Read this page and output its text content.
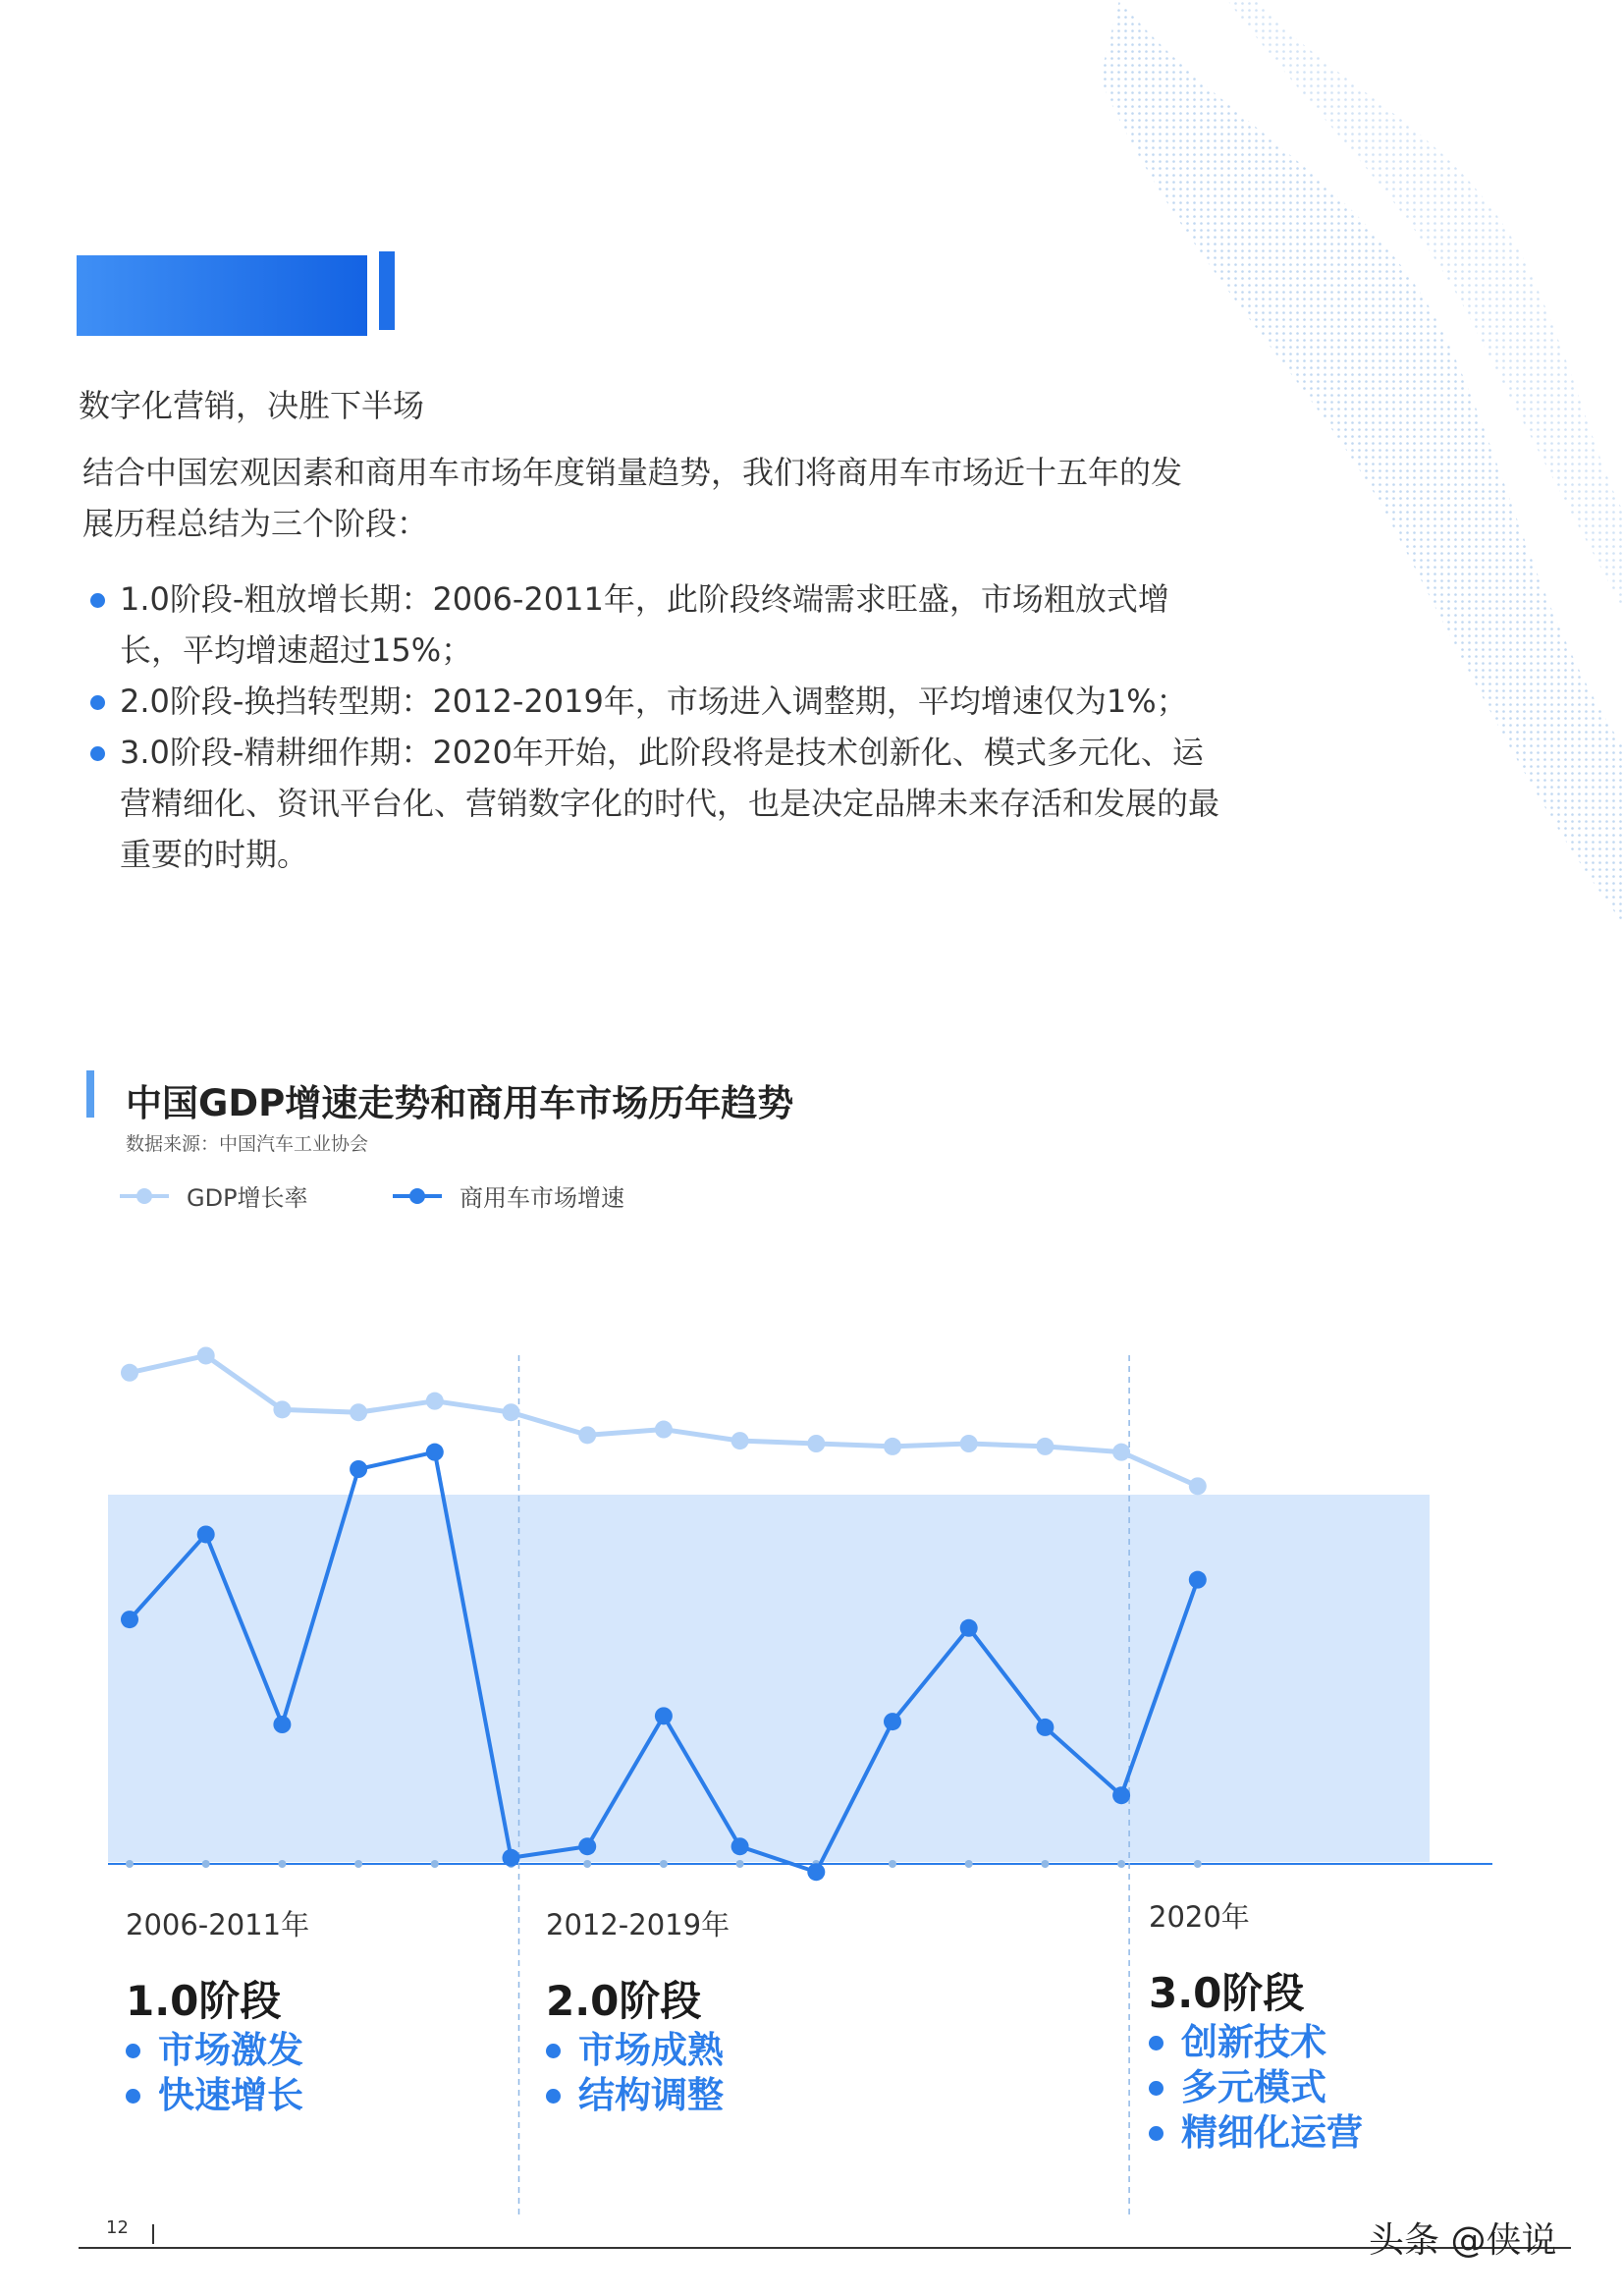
数字化营销，决胜下半场
结合中国宏观因素和商用车市场年度销量趋势，我们将商用车市场近十五年的发展历程总结为三个阶段：
1.0阶段-粗放增长期：2006-2011年，此阶段终端需求旺盛，市场粗放式增长，平均增速超过15%；
2.0阶段-换挡转型期：2012-2019年，市场进入调整期，平均增速仅为1%；
3.0阶段-精耕细作期：2020年开始，此阶段将是技术创新化、模式多元化、运营精细化、资讯平台化、营销数字化的时代，也是决定品牌未来存活和发展的最重要的时期。
中国GDP增速走势和商用车市场历年趋势
数据来源：中国汽车工业协会
GDP增长率	商用车市场增速
2006-2011年
1.0阶段
市场激发
快速增长
2012-2019年
2.0阶段
市场成熟
结构调整
2020年
3.0阶段
创新技术
多元模式
精细化运营
12	头条 @侠说
